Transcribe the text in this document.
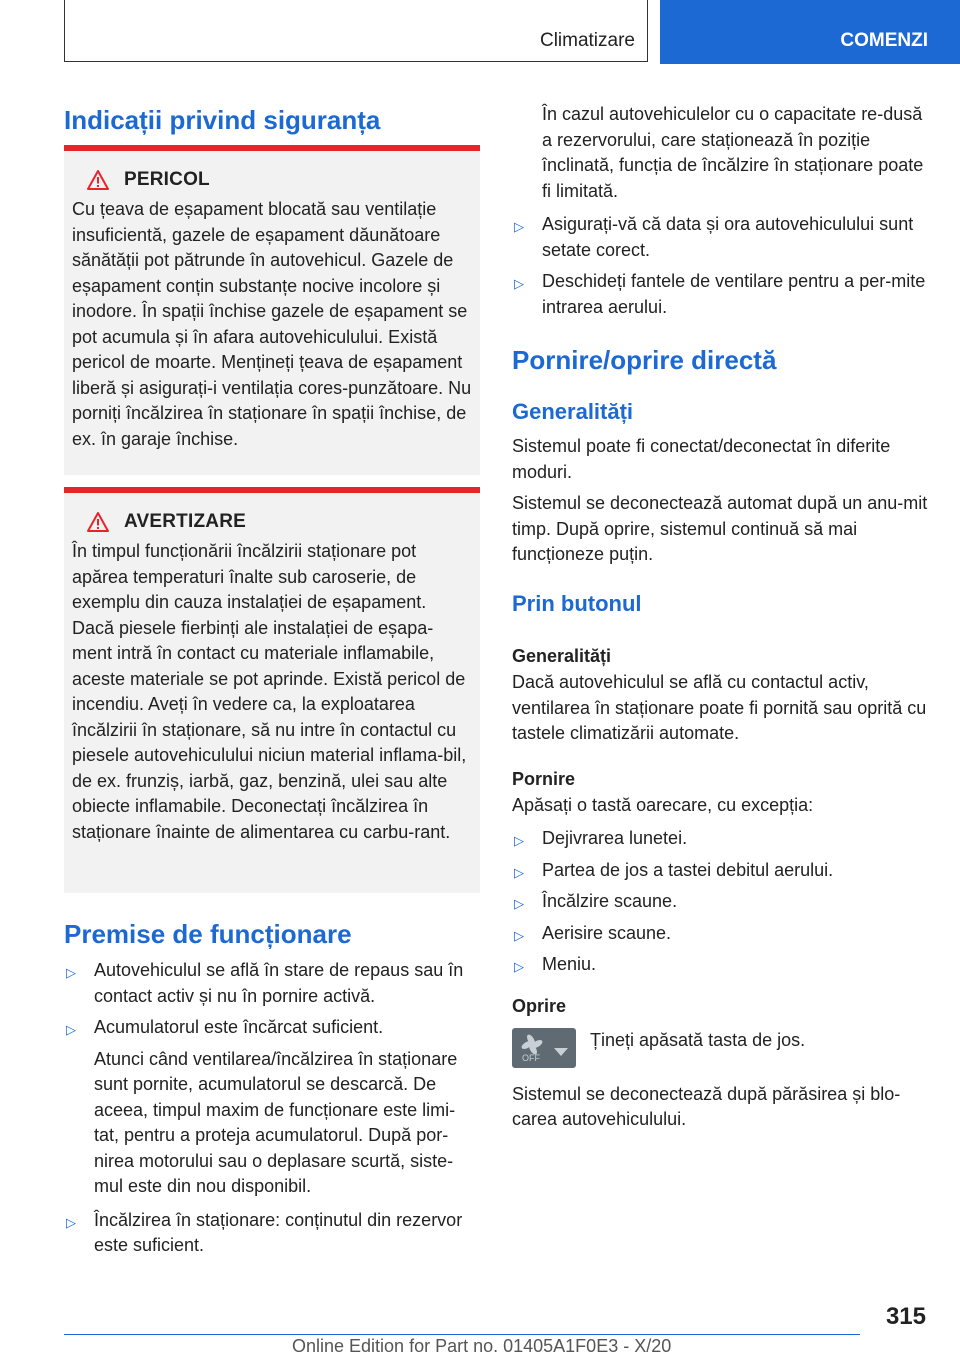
Climatizare	COMENZI
Indicații privind siguranța
PERICOL

Cu țeava de eșapament blocată sau ventilație insuficientă, gazele de eșapament dăunătoare sănătății pot pătrunde în autovehicul. Gazele de eșapament conțin substanțe nocive incolore și inodore. În spații închise gazele de eșapament se pot acumula și în afara autovehiculului. Există pericol de moarte. Mențineți țeava de eșapament liberă și asigurați-i ventilația cores-punzătoare. Nu porniți încălzirea în staționare în spații închise, de ex. în garaje închise.

AVERTIZARE

În timpul funcționării încălzirii staționare pot apărea temperaturi înalte sub caroserie, de exemplu din cauza instalației de eșapament. Dacă piesele fierbinți ale instalației de eșapa-ment intră în contact cu materiale inflamabile, aceste materiale se pot aprinde. Există pericol de incendiu. Aveți în vedere ca, la exploatarea încălzirii în staționare, să nu intre în contactul cu piesele autovehiculului niciun material inflama-bil, de ex. frunziș, iarbă, gaz, benzină, ulei sau alte obiecte inflamabile. Deconectați încălzirea în staționare înainte de alimentarea cu carbu-rant.

Premise de funcționare
▷ Autovehiculul se află în stare de repaus sau în contact activ și nu în pornire activă.
▷ Acumulatorul este încărcat suficient.

Atunci când ventilarea/încălzirea în staționare sunt pornite, acumulatorul se descarcă. De aceea, timpul maxim de funcționare este limi-tat, pentru a proteja acumulatorul. După por-nirea motorului sau o deplasare scurtă, siste-mul este din nou disponibil.

▷ Încălzirea în staționare: conținutul din rezervor este suficient.

În cazul autovehiculelor cu o capacitate re-dusă a rezervorului, care staționează în poziție înclinată, funcția de încălzire în staționare poate fi limitată.

▷ Asigurați-vă că data și ora autovehiculului sunt setate corect.
▷ Deschideți fantele de ventilare pentru a per-mite intrarea aerului.
Pornire/oprire directă
Generalități

Sistemul poate fi conectat/deconectat în diferite moduri.

Sistemul se deconectează automat după un anu-mit timp. După oprire, sistemul continuă să mai funcționeze puțin.

Prin butonul

Generalități

Dacă autovehiculul se află cu contactul activ, ventilarea în staționare poate fi pornită sau oprită cu tastele climatizării automate.

Pornire

Apăsați o tastă oarecare, cu excepția:

▷ Dejivrarea lunetei.
▷ Partea de jos a tastei debitul aerului.
▷ Încălzire scaune.
▷ Aerisire scaune.
▷ Meniu.

Oprire

OFF

Țineți apăsată tasta de jos.

Sistemul se deconectează după părăsirea și blo-carea autovehiculului.

315
Online Edition for Part no. 01405A1F0E3 - X/20
